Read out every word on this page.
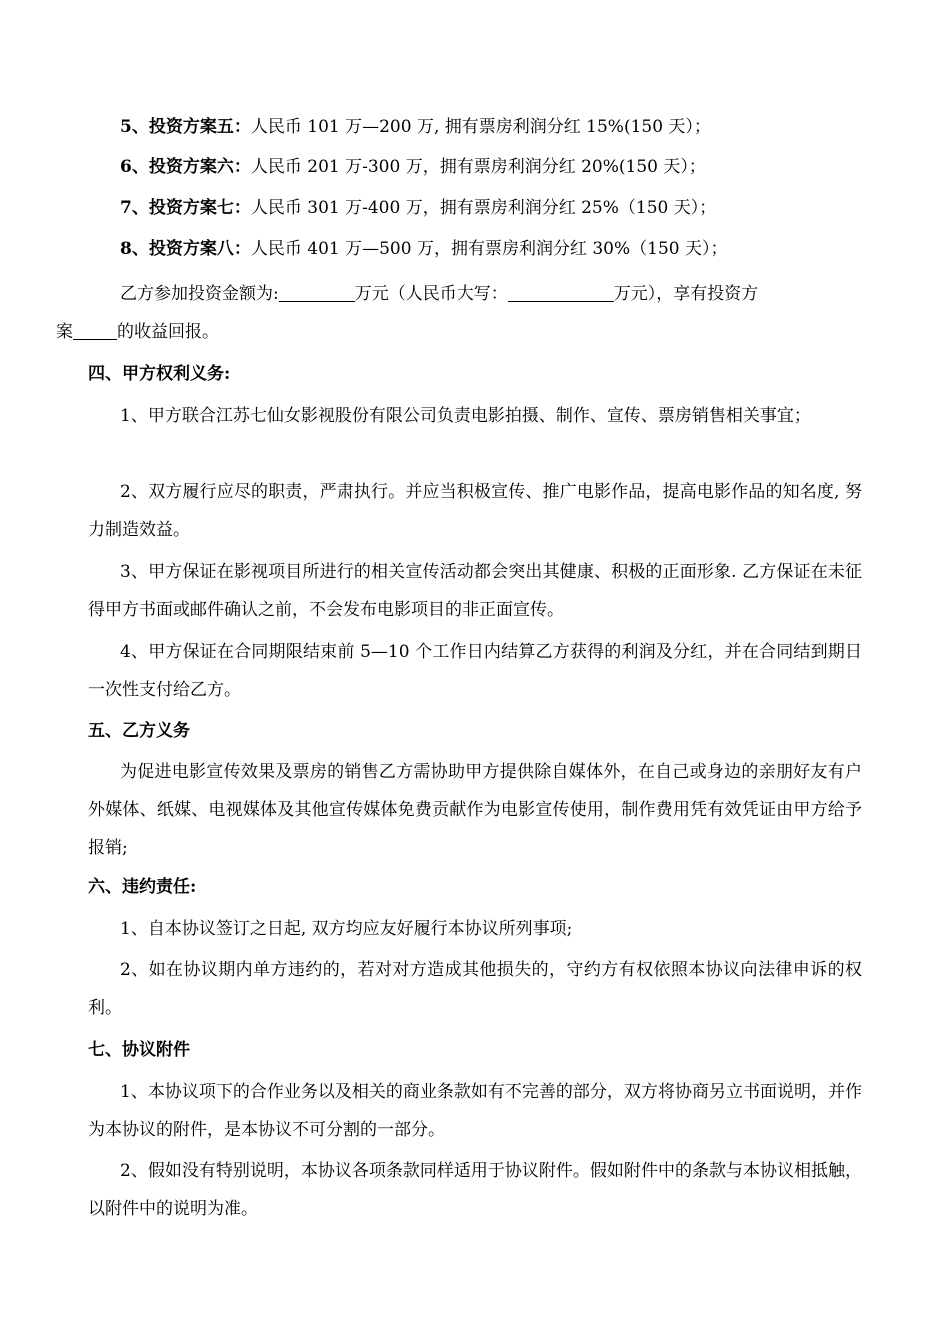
5、投资方案五：人民币 101 万—200 万, 拥有票房利润分红 15%(150 天）；
6、投资方案六：人民币 201 万-300 万，拥有票房利润分红 20%(150 天）；
7、投资方案七：人民币 301 万-400 万，拥有票房利润分红 25%（150 天）；
8、投资方案八：人民币 401 万—500 万，拥有票房利润分红 30%（150 天）；
乙方参加投资金额为:	万元（人民币大写：	万元），享有投资方
案	的收益回报。
四、甲方权利义务:
1、甲方联合江苏七仙女影视股份有限公司负责电影拍摄、制作、宣传、票房销售相关事宜；
2、双方履行应尽的职责，严肃执行。并应当积极宣传、推广电影作品，提高电影作品的知名度, 努力制造效益。
3、甲方保证在影视项目所进行的相关宣传活动都会突出其健康、积极的正面形象. 乙方保证在未征得甲方书面或邮件确认之前，不会发布电影项目的非正面宣传。
4、甲方保证在合同期限结束前 5—10 个工作日内结算乙方获得的利润及分红，并在合同结到期日一次性支付给乙方。
五、乙方义务
为促进电影宣传效果及票房的销售乙方需协助甲方提供除自媒体外，在自己或身边的亲朋好友有户外媒体、纸媒、电视媒体及其他宣传媒体免费贡献作为电影宣传使用，制作费用凭有效凭证由甲方给予报销;
六、违约责任:
1、自本协议签订之日起, 双方均应友好履行本协议所列事项;
2、如在协议期内单方违约的，若对对方造成其他损失的，守约方有权依照本协议向法律申诉的权利。
七、协议附件
1、本协议项下的合作业务以及相关的商业条款如有不完善的部分，双方将协商另立书面说明，并作为本协议的附件，是本协议不可分割的一部分。
2、假如没有特别说明，本协议各项条款同样适用于协议附件。假如附件中的条款与本协议相抵触，以附件中的说明为准。
